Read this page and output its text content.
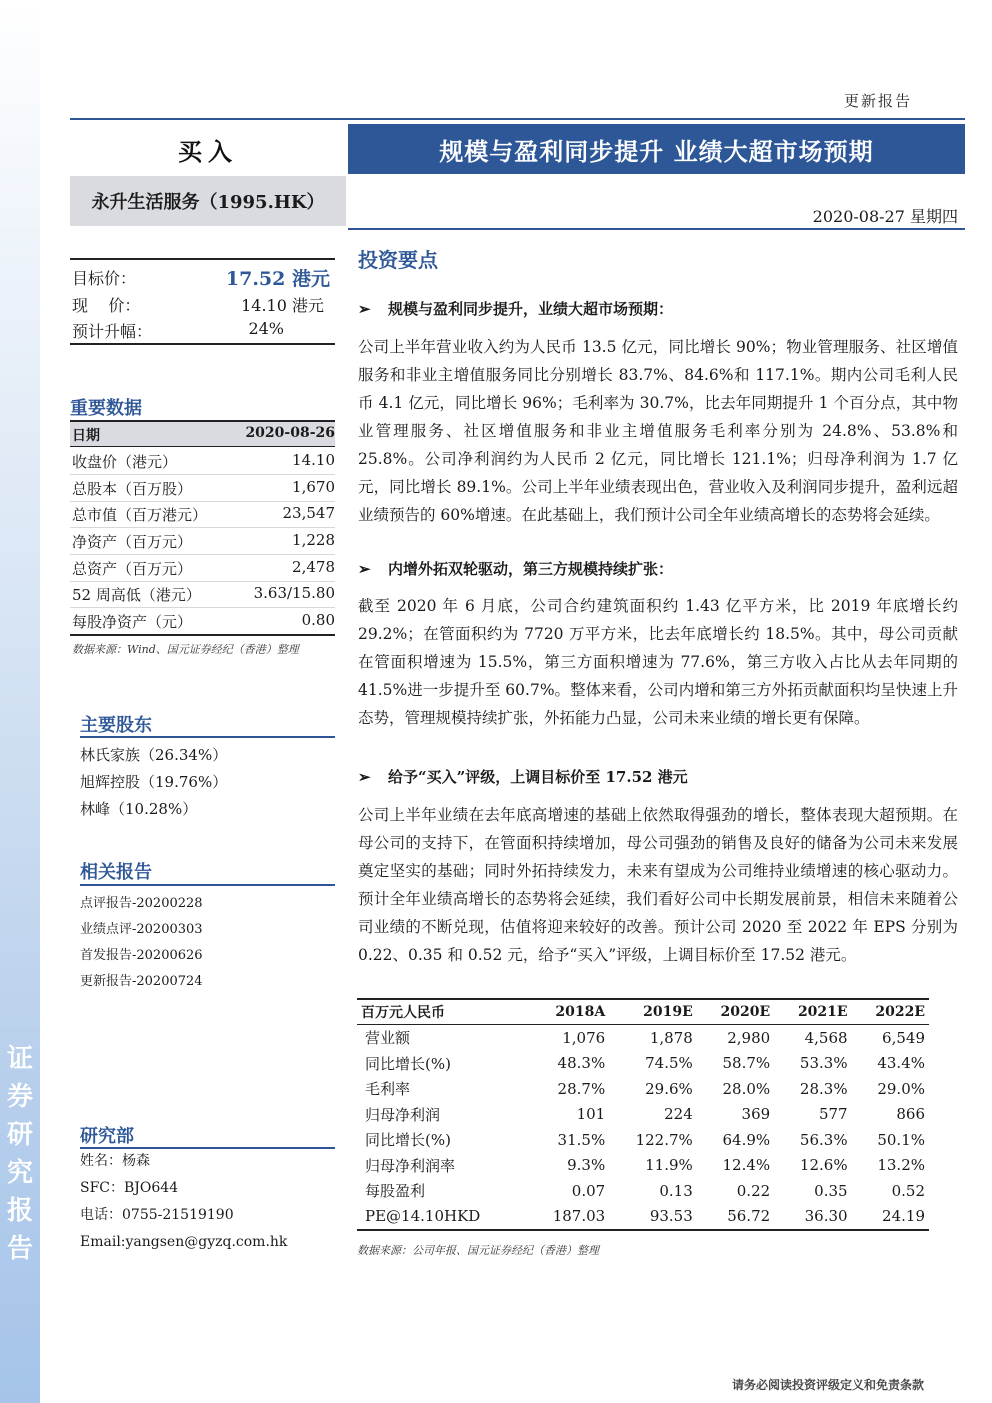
证
券
研
究
报
告
更新报告
买入	规模与盈利同步提升 业绩大超市场预期
永升生活服务（1995.HK）
2020-08-27 星期四
目标价：	17.52 港元
现    价：	14.10 港元
预计升幅：	24%
重要数据
日期	2020-08-26
收盘价（港元）	14.10
总股本（百万股）	1,670
总市值（百万港元）	23,547
净资产（百万元）	1,228
总资产（百万元）	2,478
52 周高低（港元）	3.63/15.80
每股净资产（元）	0.80
数据来源：Wind、国元证券经纪（香港）整理
主要股东
林氏家族（26.34%）
旭辉控股（19.76%）
林峰（10.28%）
相关报告
点评报告-20200228
业绩点评-20200303
首发报告-20200626
更新报告-20200724
研究部
姓名：杨森
SFC：BJO644
电话：0755-21519190
Email:yangsen@gyzq.com.hk
投资要点
➢ 规模与盈利同步提升，业绩大超市场预期：
公司上半年营业收入约为人民币 13.5 亿元，同比增长 90%；物业管理服务、社区增值服务和非业主增值服务同比分别增长 83.7%、84.6%和 117.1%。期内公司毛利人民币 4.1 亿元，同比增长 96%；毛利率为 30.7%，比去年同期提升 1 个百分点，其中物业管理服务、社区增值服务和非业主增值服务毛利率分别为 24.8%、53.8%和 25.8%。公司净利润约为人民币 2 亿元，同比增长 121.1%；归母净利润为 1.7 亿元，同比增长 89.1%。公司上半年业绩表现出色，营业收入及利润同步提升，盈利远超业绩预告的 60%增速。在此基础上，我们预计公司全年业绩高增长的态势将会延续。
➢ 内增外拓双轮驱动，第三方规模持续扩张：
截至 2020 年 6 月底，公司合约建筑面积约 1.43 亿平方米，比 2019 年底增长约 29.2%；在管面积约为 7720 万平方米，比去年底增长约 18.5%。其中，母公司贡献在管面积增速为 15.5%，第三方面积增速为 77.6%，第三方收入占比从去年同期的 41.5%进一步提升至 60.7%。整体来看，公司内增和第三方外拓贡献面积均呈快速上升态势，管理规模持续扩张，外拓能力凸显，公司未来业绩的增长更有保障。
➢ 给予“买入”评级，上调目标价至 17.52 港元
公司上半年业绩在去年底高增速的基础上依然取得强劲的增长，整体表现大超预期。在母公司的支持下，在管面积持续增加，母公司强劲的销售及良好的储备为公司未来发展奠定坚实的基础；同时外拓持续发力，未来有望成为公司维持业绩增速的核心驱动力。预计全年业绩高增长的态势将会延续，我们看好公司中长期发展前景，相信未来随着公司业绩的不断兑现，估值将迎来较好的改善。预计公司 2020 至 2022 年 EPS 分别为 0.22、0.35 和 0.52 元，给予“买入”评级，上调目标价至 17.52 港元。
百万元人民币	2018A	2019E	2020E	2021E	2022E
营业额	1,076	1,878	2,980	4,568	6,549
同比增长(%)	48.3%	74.5%	58.7%	53.3%	43.4%
毛利率	28.7%	29.6%	28.0%	28.3%	29.0%
归母净利润	101	224	369	577	866
同比增长(%)	31.5%	122.7%	64.9%	56.3%	50.1%
归母净利润率	9.3%	11.9%	12.4%	12.6%	13.2%
每股盈利	0.07	0.13	0.22	0.35	0.52
PE@14.10HKD	187.03	93.53	56.72	36.30	24.19
数据来源：公司年报、国元证券经纪（香港）整理
请务必阅读投资评级定义和免责条款
